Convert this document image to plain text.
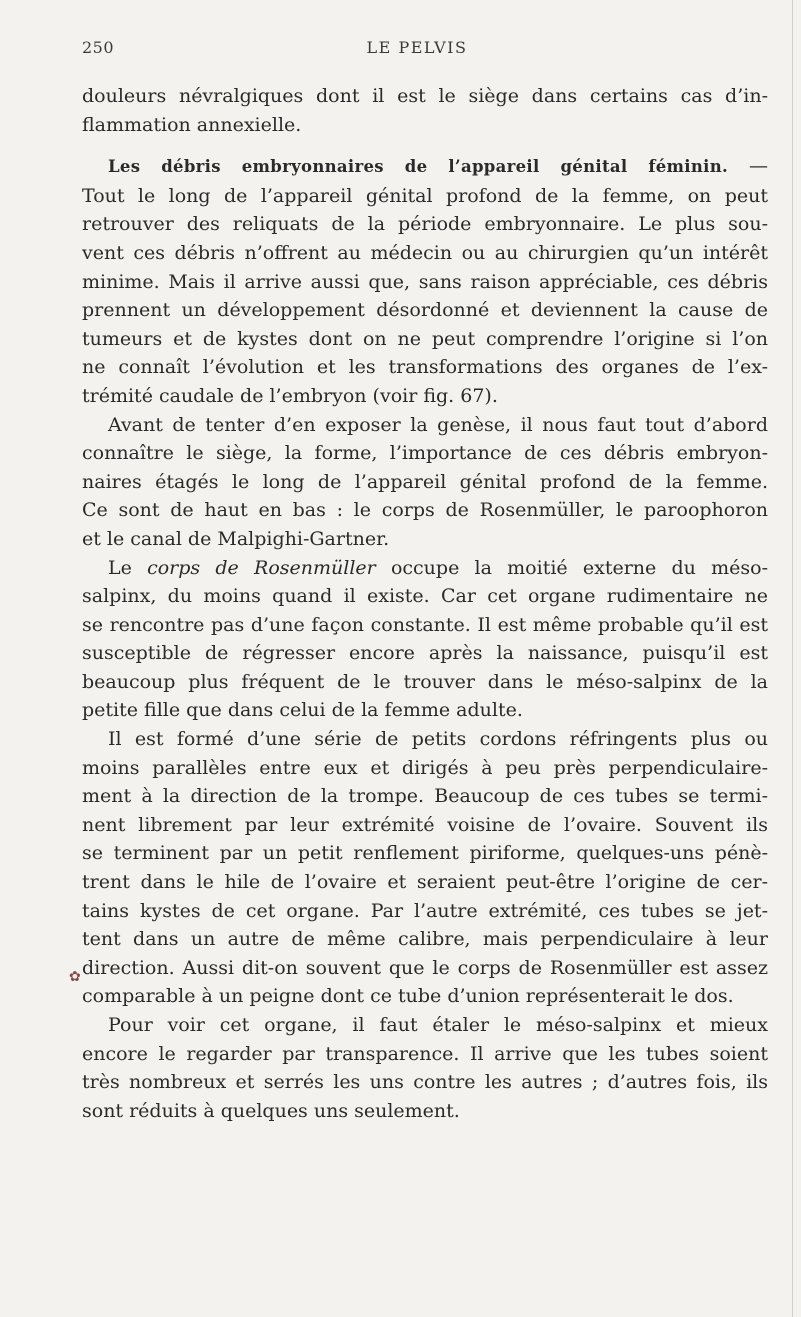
250	LE PELVIS
✿
douleurs névralgiques dont il est le siège dans certains cas d’in-
flammation annexielle.
Les débris embryonnaires de l’appareil génital féminin. —
Tout le long de l’appareil génital profond de la femme, on peut
retrouver des reliquats de la période embryonnaire. Le plus sou-
vent ces débris n’offrent au médecin ou au chirurgien qu’un intérêt
minime. Mais il arrive aussi que, sans raison appréciable, ces débris
prennent un développement désordonné et deviennent la cause de
tumeurs et de kystes dont on ne peut comprendre l’origine si l’on
ne connaît l’évolution et les transformations des organes de l’ex-
trémité caudale de l’embryon (voir fig. 67).
Avant de tenter d’en exposer la genèse, il nous faut tout d’abord
connaître le siège, la forme, l’importance de ces débris embryon-
naires étagés le long de l’appareil génital profond de la femme.
Ce sont de haut en bas : le corps de Rosenmüller, le paroophoron
et le canal de Malpighi-Gartner.
Le corps de Rosenmüller occupe la moitié externe du méso-
salpinx, du moins quand il existe. Car cet organe rudimentaire ne
se rencontre pas d’une façon constante. Il est même probable qu’il est
susceptible de régresser encore après la naissance, puisqu’il est
beaucoup plus fréquent de le trouver dans le méso-salpinx de la
petite fille que dans celui de la femme adulte.
Il est formé d’une série de petits cordons réfringents plus ou
moins parallèles entre eux et dirigés à peu près perpendiculaire-
ment à la direction de la trompe. Beaucoup de ces tubes se termi-
nent librement par leur extrémité voisine de l’ovaire. Souvent ils
se terminent par un petit renflement piriforme, quelques-uns pénè-
trent dans le hile de l’ovaire et seraient peut-être l’origine de cer-
tains kystes de cet organe. Par l’autre extrémité, ces tubes se jet-
tent dans un autre de même calibre, mais perpendiculaire à leur
direction. Aussi dit-on souvent que le corps de Rosenmüller est assez
comparable à un peigne dont ce tube d’union représenterait le dos.
Pour voir cet organe, il faut étaler le méso-salpinx et mieux
encore le regarder par transparence. Il arrive que les tubes soient
très nombreux et serrés les uns contre les autres ; d’autres fois, ils
sont réduits à quelques uns seulement.
